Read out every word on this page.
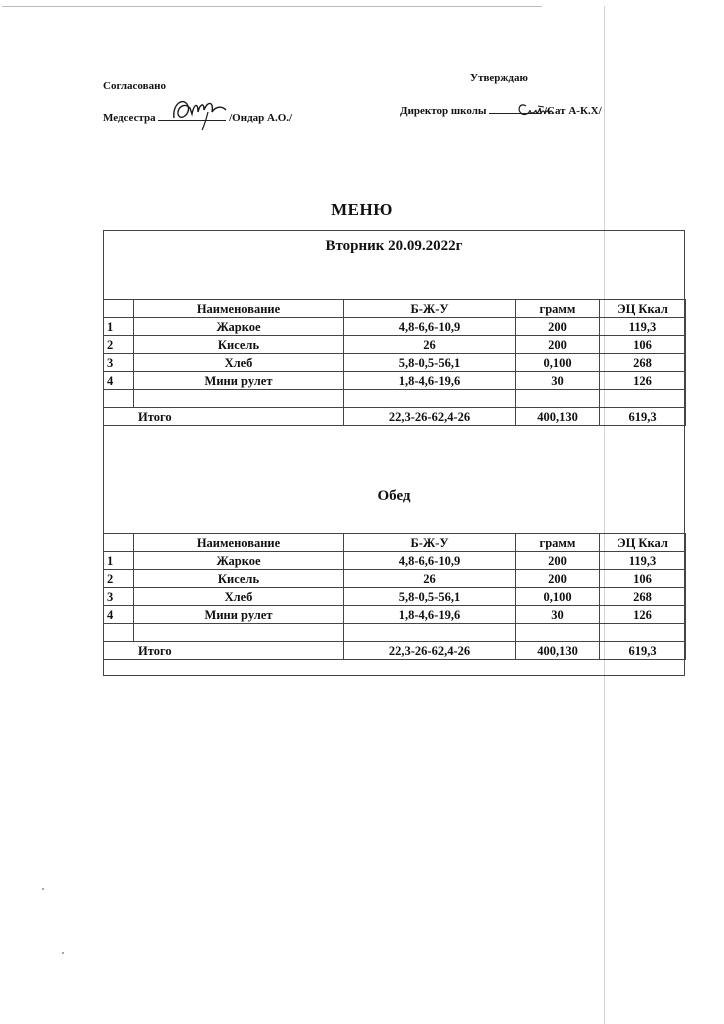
Согласовано
Медсестра	/Ондар А.О./
Утверждаю
Директор школы	/Сат А-К.Х/
МЕНЮ
Вторник 20.09.2022г
	Наименование	Б-Ж-У	грамм	ЭЦ Ккал
1	Жаркое	4,8-6,6-10,9	200	119,3
2	Кисель	26	200	106
3	Хлеб	5,8-0,5-56,1	0,100	268
4	Мини рулет	1,8-4,6-19,6	30	126

Итого		22,3-26-62,4-26	400,130	619,3
Обед
	Наименование	Б-Ж-У	грамм	ЭЦ Ккал
1	Жаркое	4,8-6,6-10,9	200	119,3
2	Кисель	26	200	106
3	Хлеб	5,8-0,5-56,1	0,100	268
4	Мини рулет	1,8-4,6-19,6	30	126

Итого		22,3-26-62,4-26	400,130	619,3
